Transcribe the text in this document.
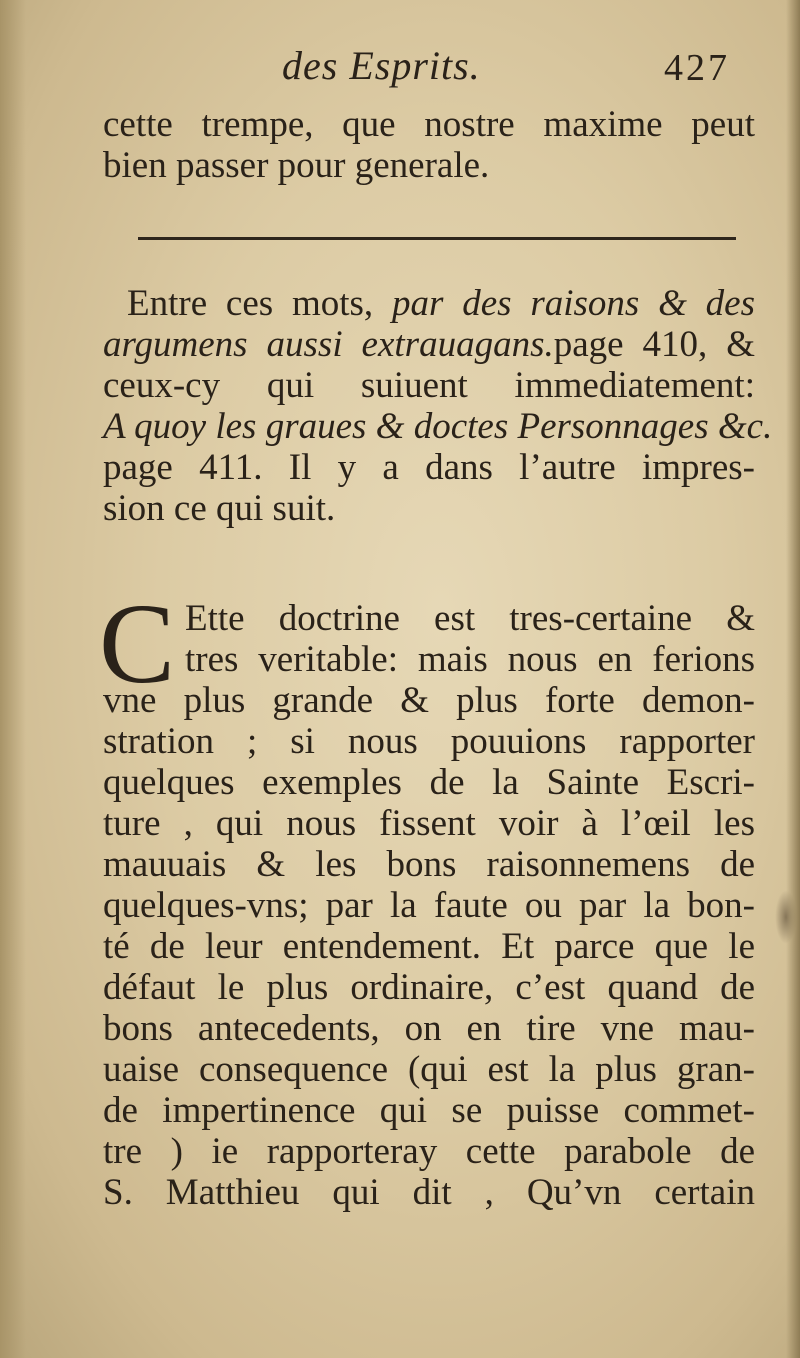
des Esprits.	427
cette trempe, que nostre maxime peut
bien passer pour generale.
Entre ces mots, par des raisons & des
argumens aussi extrauagans.page 410, &
ceux-cy qui suiuent immediatement:
A quoy les graues & doctes Personnages &c.
page 411. Il y a dans l’autre impres-
sion ce qui suit.
C Ette doctrine est tres-certaine &
tres veritable: mais nous en ferions
vne plus grande & plus forte demon-
stration ; si nous pouuions rapporter
quelques exemples de la Sainte Escri-
ture , qui nous fissent voir à l’œil les
mauuais & les bons raisonnemens de
quelques-vns; par la faute ou par la bon-
té de leur entendement. Et parce que le
défaut le plus ordinaire, c’est quand de
bons antecedents, on en tire vne mau-
uaise consequence (qui est la plus gran-
de impertinence qui se puisse commet-
tre ) ie rapporteray cette parabole de
S. Matthieu qui dit , Qu’vn certain
